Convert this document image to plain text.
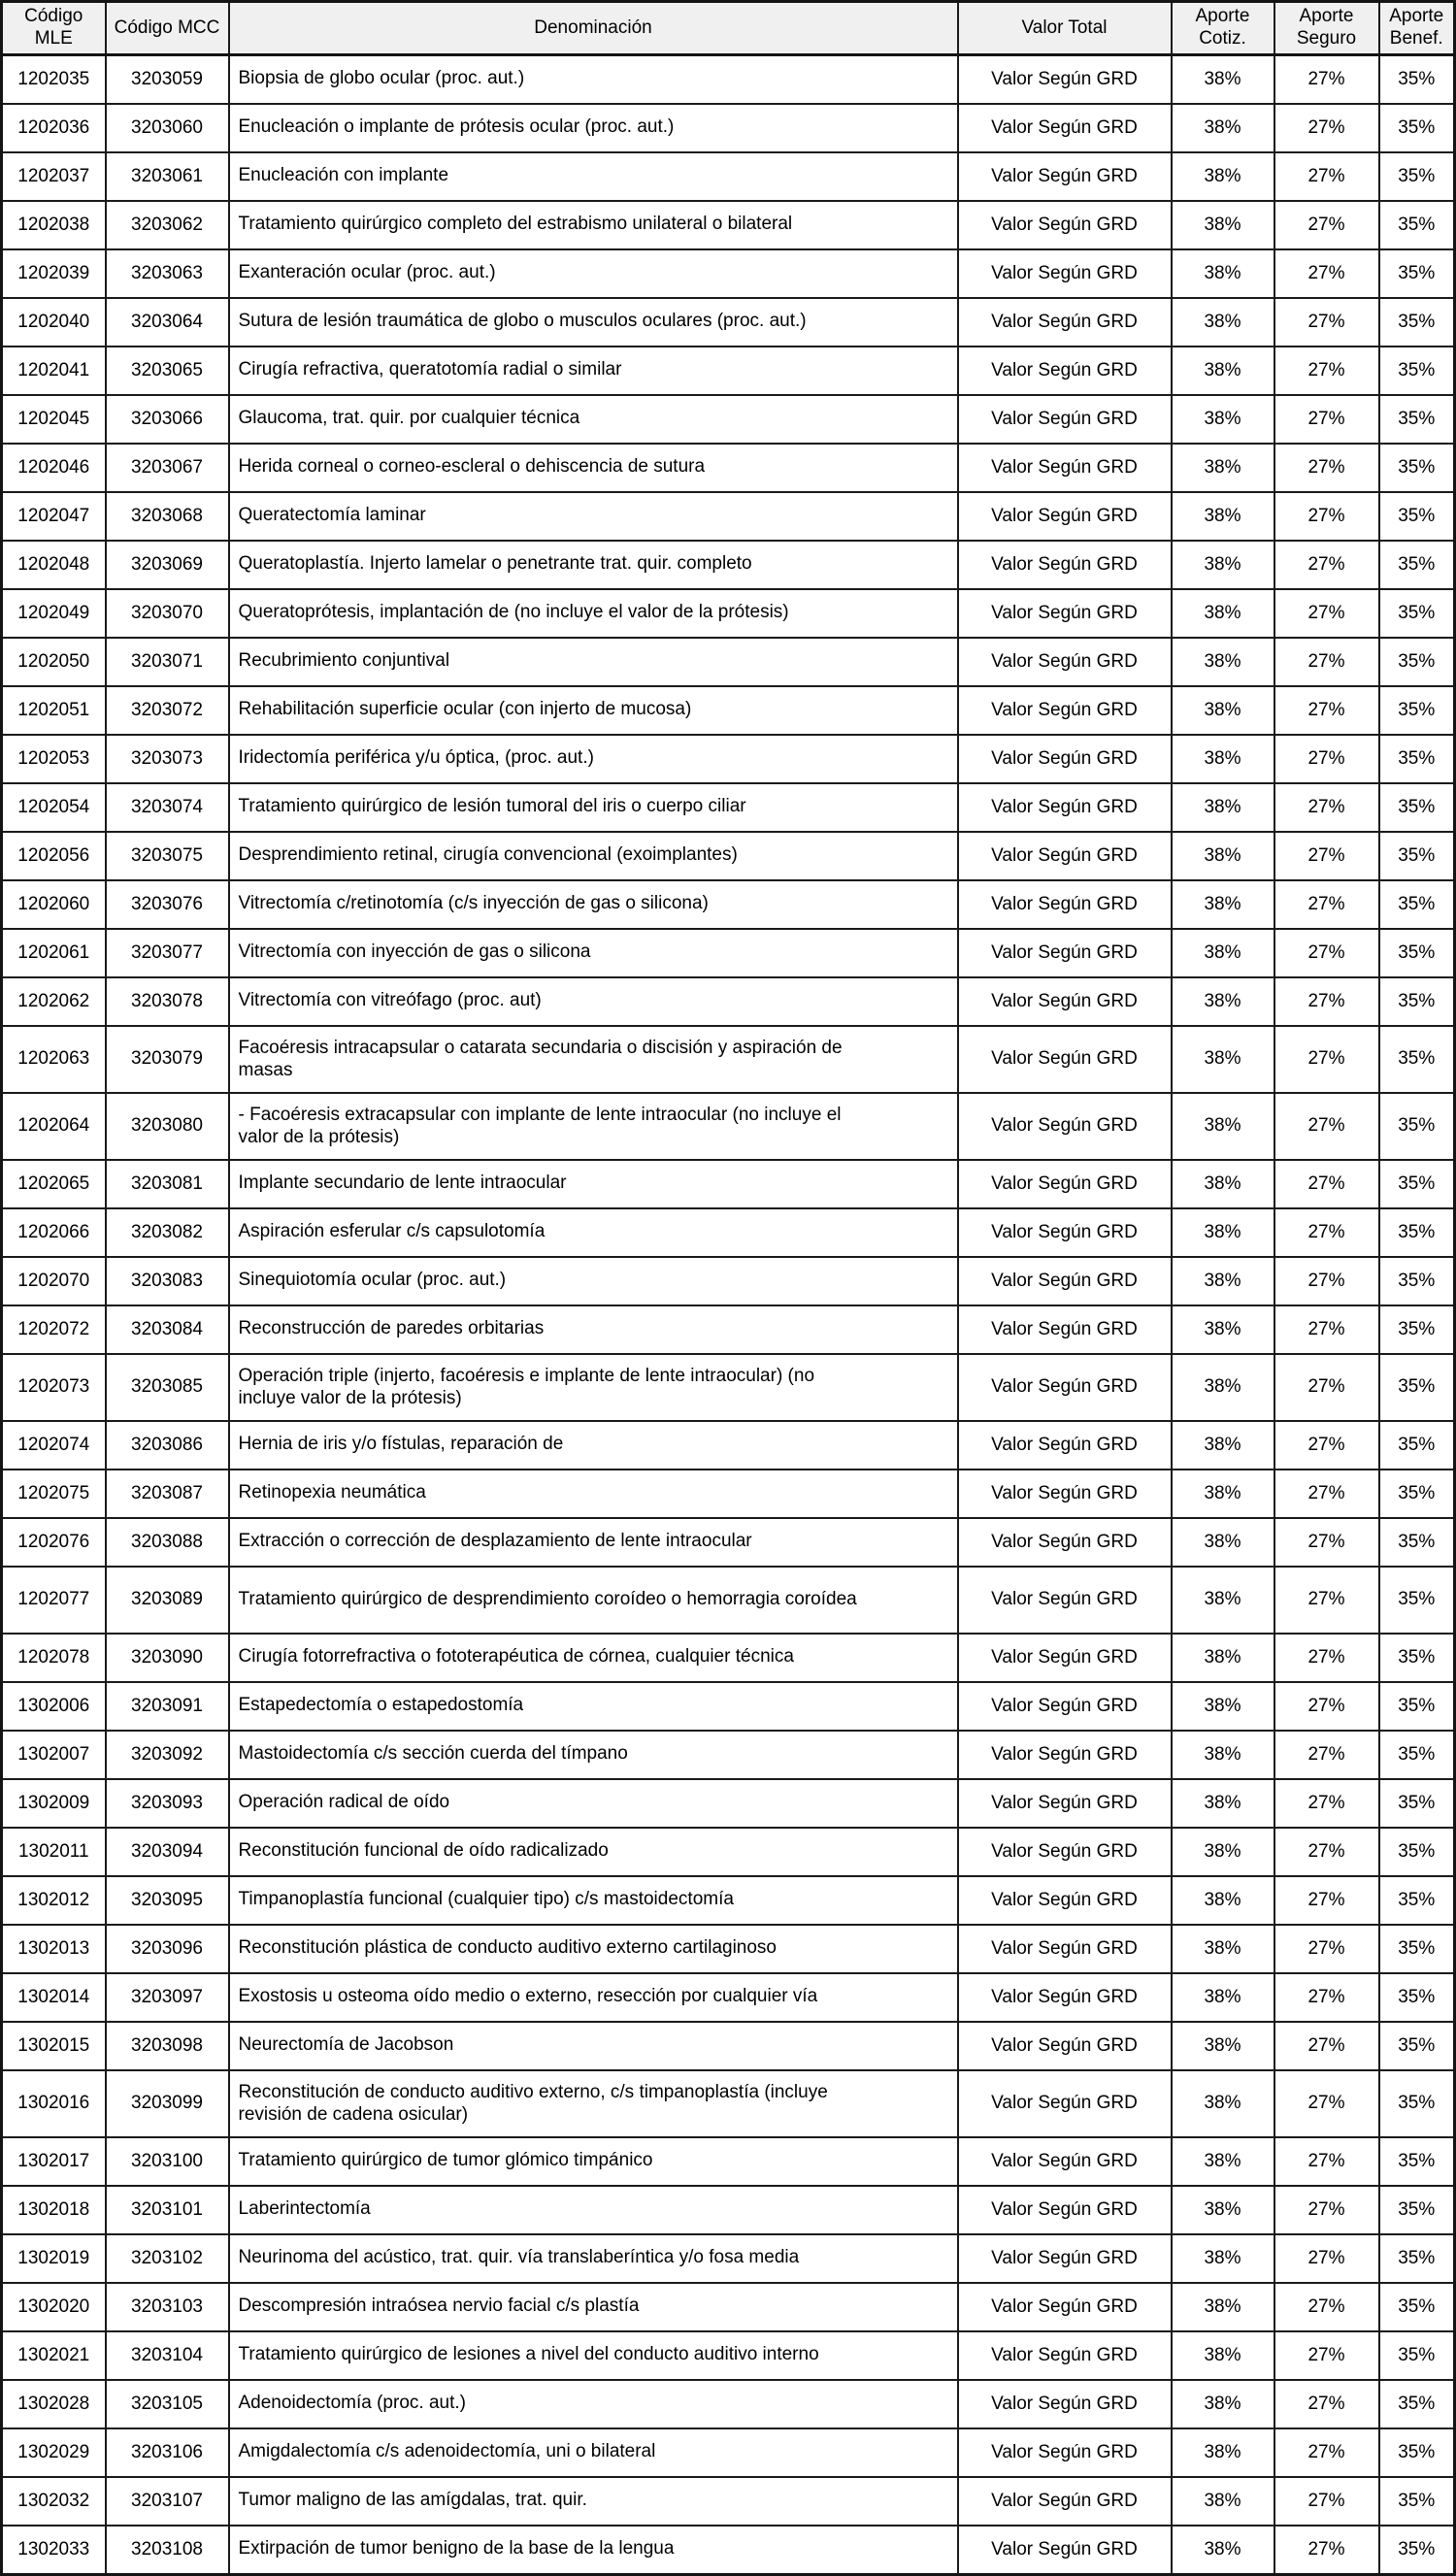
Código MLE	Código MCC	Denominación	Valor Total	Aporte Cotiz.	Aporte Seguro	Aporte Benef.
1202035	3203059	Biopsia de globo ocular (proc. aut.)	Valor Según GRD	38%	27%	35%
1202036	3203060	Enucleación o implante de prótesis ocular (proc. aut.)	Valor Según GRD	38%	27%	35%
1202037	3203061	Enucleación con implante	Valor Según GRD	38%	27%	35%
1202038	3203062	Tratamiento quirúrgico completo del estrabismo unilateral o bilateral	Valor Según GRD	38%	27%	35%
1202039	3203063	Exanteración ocular (proc. aut.)	Valor Según GRD	38%	27%	35%
1202040	3203064	Sutura de lesión traumática de globo o musculos oculares (proc. aut.)	Valor Según GRD	38%	27%	35%
1202041	3203065	Cirugía refractiva, queratotomía radial o similar	Valor Según GRD	38%	27%	35%
1202045	3203066	Glaucoma, trat. quir. por cualquier técnica	Valor Según GRD	38%	27%	35%
1202046	3203067	Herida corneal o corneo-escleral o dehiscencia de sutura	Valor Según GRD	38%	27%	35%
1202047	3203068	Queratectomía laminar	Valor Según GRD	38%	27%	35%
1202048	3203069	Queratoplastía. Injerto lamelar o penetrante trat. quir. completo	Valor Según GRD	38%	27%	35%
1202049	3203070	Queratoprótesis, implantación de (no incluye el valor de la prótesis)	Valor Según GRD	38%	27%	35%
1202050	3203071	Recubrimiento conjuntival	Valor Según GRD	38%	27%	35%
1202051	3203072	Rehabilitación superficie ocular (con injerto de mucosa)	Valor Según GRD	38%	27%	35%
1202053	3203073	Iridectomía periférica y/u óptica, (proc. aut.)	Valor Según GRD	38%	27%	35%
1202054	3203074	Tratamiento quirúrgico de lesión tumoral del iris o cuerpo ciliar	Valor Según GRD	38%	27%	35%
1202056	3203075	Desprendimiento retinal, cirugía convencional (exoimplantes)	Valor Según GRD	38%	27%	35%
1202060	3203076	Vitrectomía c/retinotomía (c/s inyección de gas o silicona)	Valor Según GRD	38%	27%	35%
1202061	3203077	Vitrectomía con inyección de gas o silicona	Valor Según GRD	38%	27%	35%
1202062	3203078	Vitrectomía con vitreófago (proc. aut)	Valor Según GRD	38%	27%	35%
1202063	3203079	Facoéresis intracapsular o catarata secundaria o discisión y aspiración de masas	Valor Según GRD	38%	27%	35%
1202064	3203080	- Facoéresis extracapsular con implante de lente intraocular (no incluye el valor de la prótesis)	Valor Según GRD	38%	27%	35%
1202065	3203081	Implante secundario de lente intraocular	Valor Según GRD	38%	27%	35%
1202066	3203082	Aspiración esferular c/s capsulotomía	Valor Según GRD	38%	27%	35%
1202070	3203083	Sinequiotomía ocular (proc. aut.)	Valor Según GRD	38%	27%	35%
1202072	3203084	Reconstrucción de paredes orbitarias	Valor Según GRD	38%	27%	35%
1202073	3203085	Operación triple (injerto, facoéresis e implante de lente intraocular) (no incluye valor de la prótesis)	Valor Según GRD	38%	27%	35%
1202074	3203086	Hernia de iris y/o fístulas, reparación de	Valor Según GRD	38%	27%	35%
1202075	3203087	Retinopexia neumática	Valor Según GRD	38%	27%	35%
1202076	3203088	Extracción o corrección de desplazamiento de lente intraocular	Valor Según GRD	38%	27%	35%
1202077	3203089	Tratamiento quirúrgico de desprendimiento coroídeo o hemorragia coroídea	Valor Según GRD	38%	27%	35%
1202078	3203090	Cirugía fotorrefractiva o fototerapéutica de córnea, cualquier técnica	Valor Según GRD	38%	27%	35%
1302006	3203091	Estapedectomía o estapedostomía	Valor Según GRD	38%	27%	35%
1302007	3203092	Mastoidectomía c/s sección cuerda del tímpano	Valor Según GRD	38%	27%	35%
1302009	3203093	Operación radical de oído	Valor Según GRD	38%	27%	35%
1302011	3203094	Reconstitución funcional de oído radicalizado	Valor Según GRD	38%	27%	35%
1302012	3203095	Timpanoplastía funcional (cualquier tipo) c/s mastoidectomía	Valor Según GRD	38%	27%	35%
1302013	3203096	Reconstitución plástica de conducto auditivo externo cartilaginoso	Valor Según GRD	38%	27%	35%
1302014	3203097	Exostosis u osteoma oído medio o externo, resección por cualquier vía	Valor Según GRD	38%	27%	35%
1302015	3203098	Neurectomía de Jacobson	Valor Según GRD	38%	27%	35%
1302016	3203099	Reconstitución de conducto auditivo externo, c/s timpanoplastía (incluye revisión de cadena osicular)	Valor Según GRD	38%	27%	35%
1302017	3203100	Tratamiento quirúrgico de tumor glómico timpánico	Valor Según GRD	38%	27%	35%
1302018	3203101	Laberintectomía	Valor Según GRD	38%	27%	35%
1302019	3203102	Neurinoma del acústico, trat. quir. vía translaberíntica y/o fosa media	Valor Según GRD	38%	27%	35%
1302020	3203103	Descompresión intraósea nervio facial c/s plastía	Valor Según GRD	38%	27%	35%
1302021	3203104	Tratamiento quirúrgico de lesiones a nivel del conducto auditivo interno	Valor Según GRD	38%	27%	35%
1302028	3203105	Adenoidectomía (proc. aut.)	Valor Según GRD	38%	27%	35%
1302029	3203106	Amigdalectomía c/s adenoidectomía, uni o bilateral	Valor Según GRD	38%	27%	35%
1302032	3203107	Tumor maligno de las amígdalas, trat. quir.	Valor Según GRD	38%	27%	35%
1302033	3203108	Extirpación de tumor benigno de la base de la lengua	Valor Según GRD	38%	27%	35%
